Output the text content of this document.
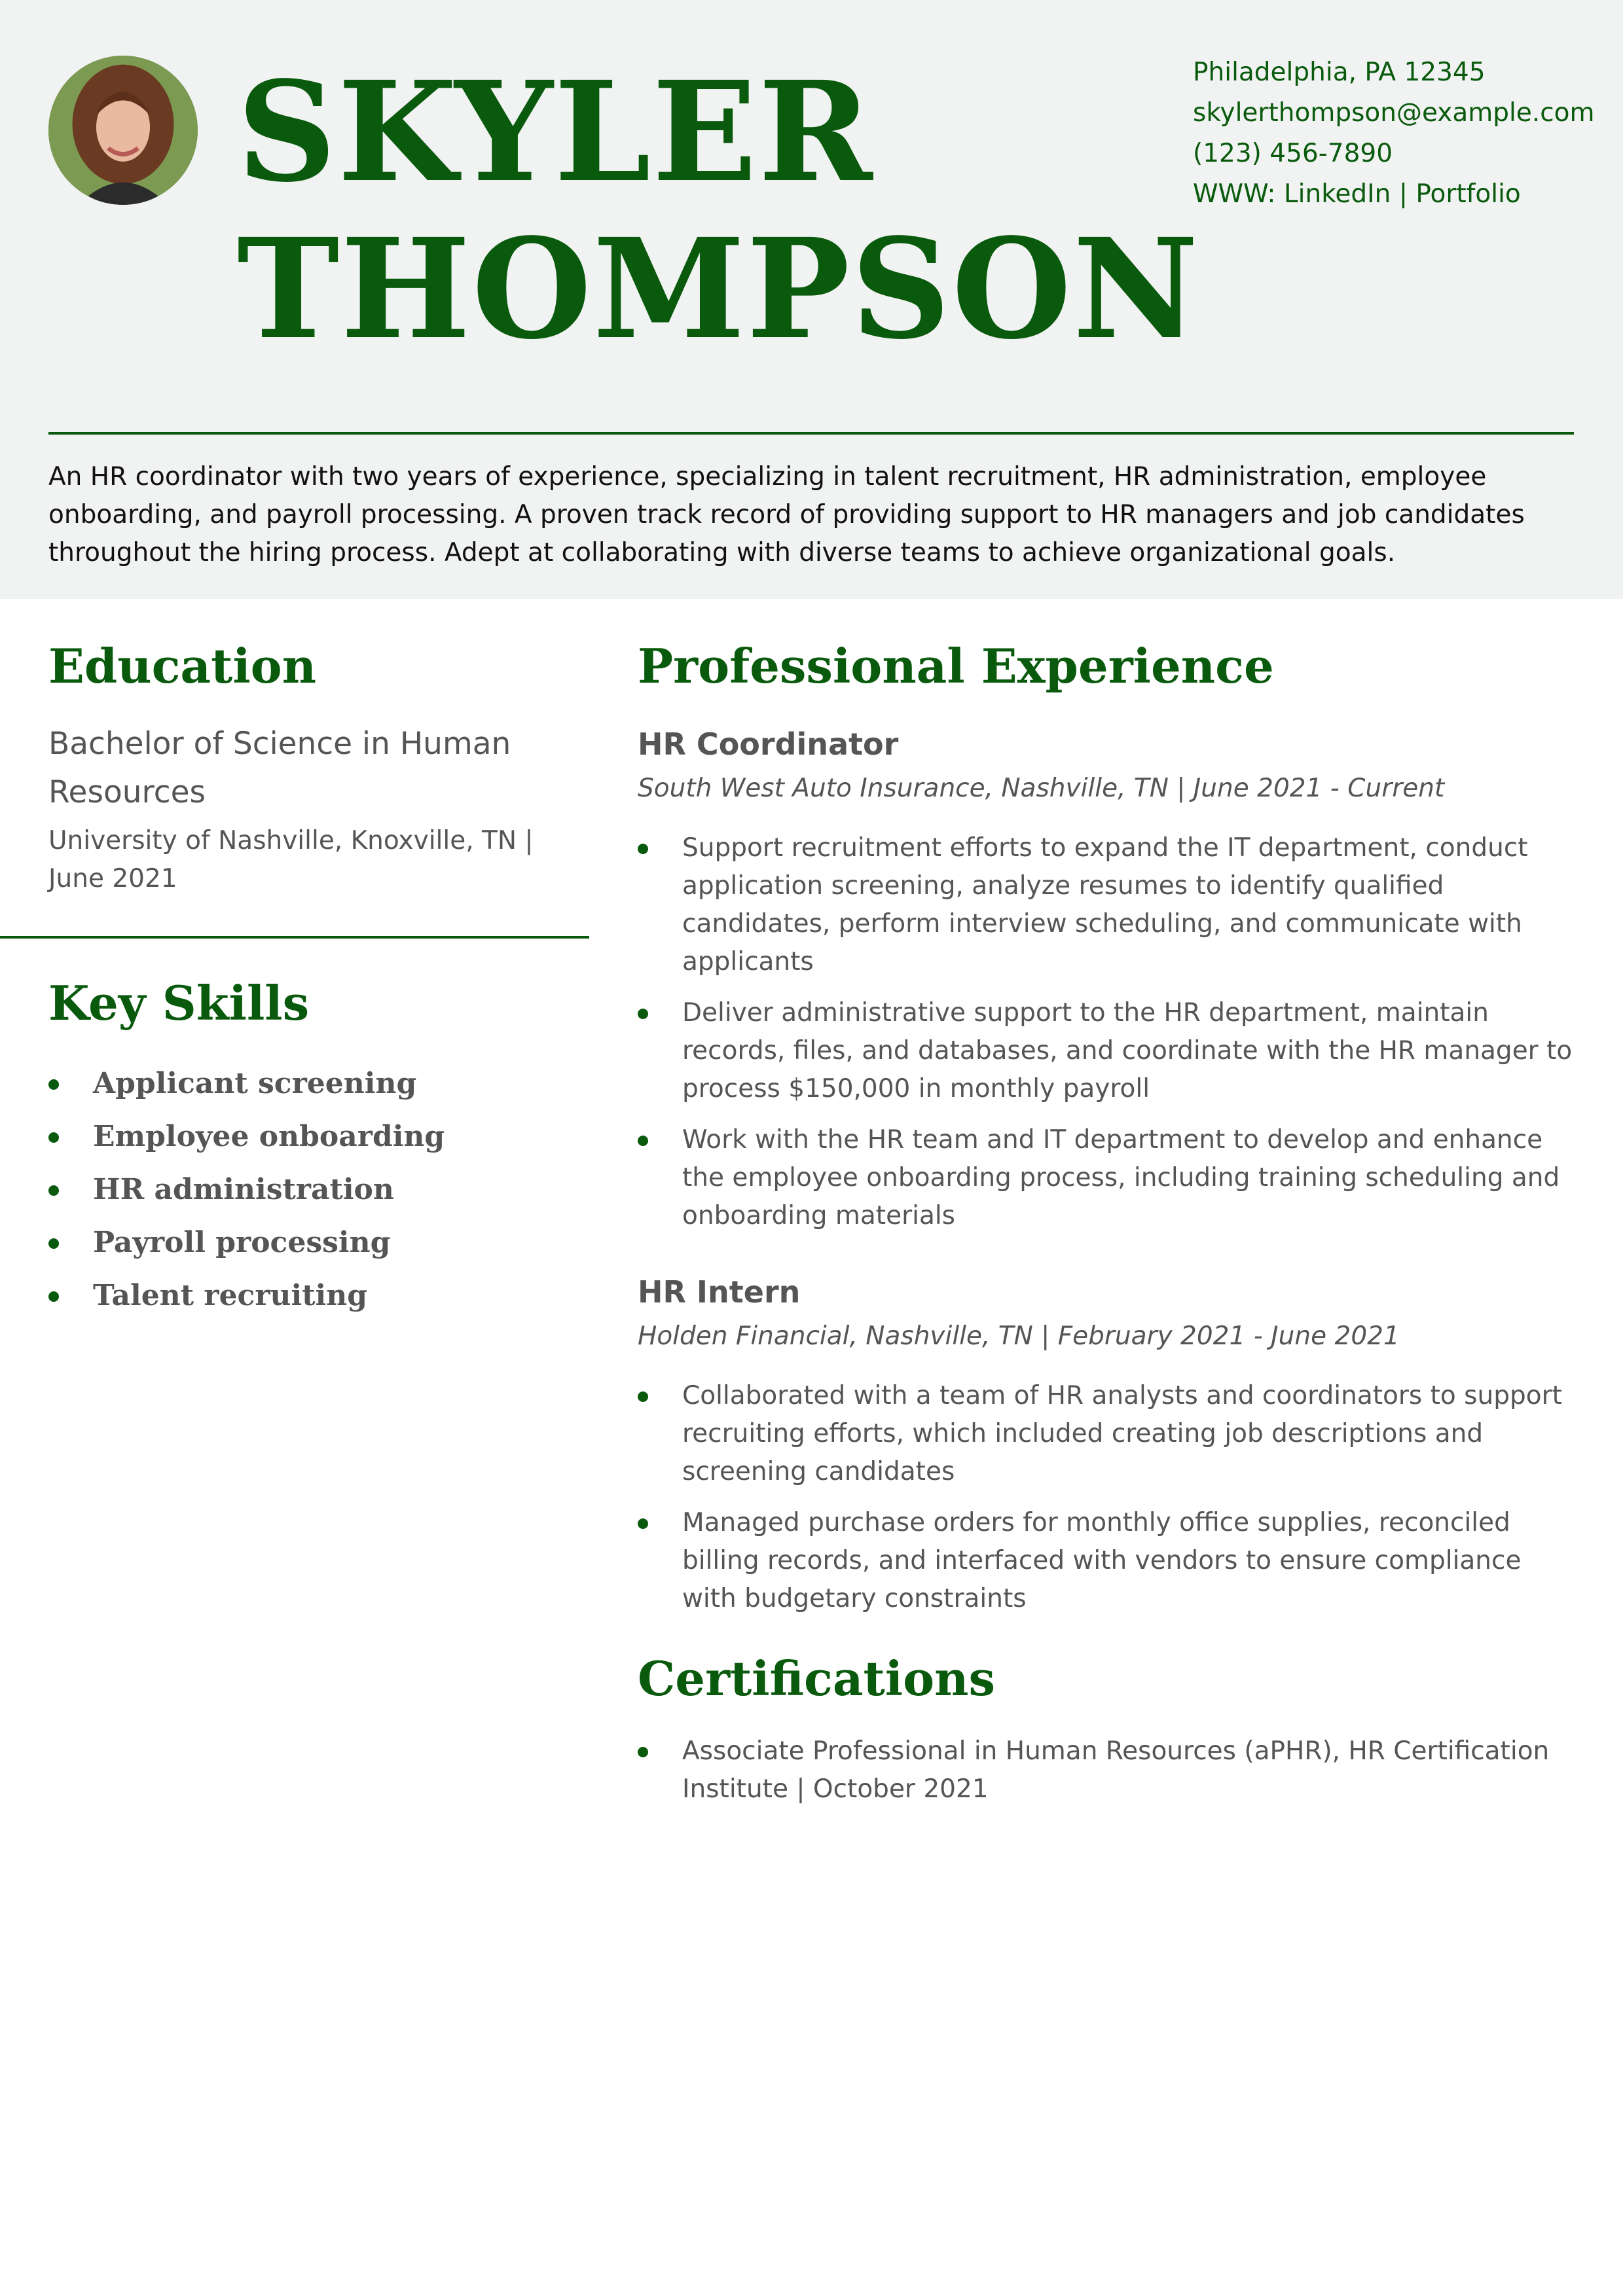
SKYLER
THOMPSON
Philadelphia, PA 12345
skylerthompson@example.com
(123) 456-7890
WWW: LinkedIn | Portfolio
An HR coordinator with two years of experience, specializing in talent recruitment, HR administration, employee onboarding, and payroll processing. A proven track record of providing support to HR managers and job candidates throughout the hiring process. Adept at collaborating with diverse teams to achieve organizational goals.
Education
Bachelor of Science in Human Resources
University of Nashville, Knoxville, TN | June 2021
Key Skills
Applicant screening
Employee onboarding
HR administration
Payroll processing
Talent recruiting
Professional Experience
HR Coordinator
South West Auto Insurance, Nashville, TN | June 2021 - Current
Support recruitment efforts to expand the IT department, conduct application screening, analyze resumes to identify qualified candidates, perform interview scheduling, and communicate with applicants
Deliver administrative support to the HR department, maintain records, files, and databases, and coordinate with the HR manager to process $150,000 in monthly payroll
Work with the HR team and IT department to develop and enhance the employee onboarding process, including training scheduling and onboarding materials
HR Intern
Holden Financial, Nashville, TN | February 2021 - June 2021
Collaborated with a team of HR analysts and coordinators to support recruiting efforts, which included creating job descriptions and screening candidates
Managed purchase orders for monthly office supplies, reconciled billing records, and interfaced with vendors to ensure compliance with budgetary constraints
Certifications
Associate Professional in Human Resources (aPHR), HR Certification Institute | October 2021
